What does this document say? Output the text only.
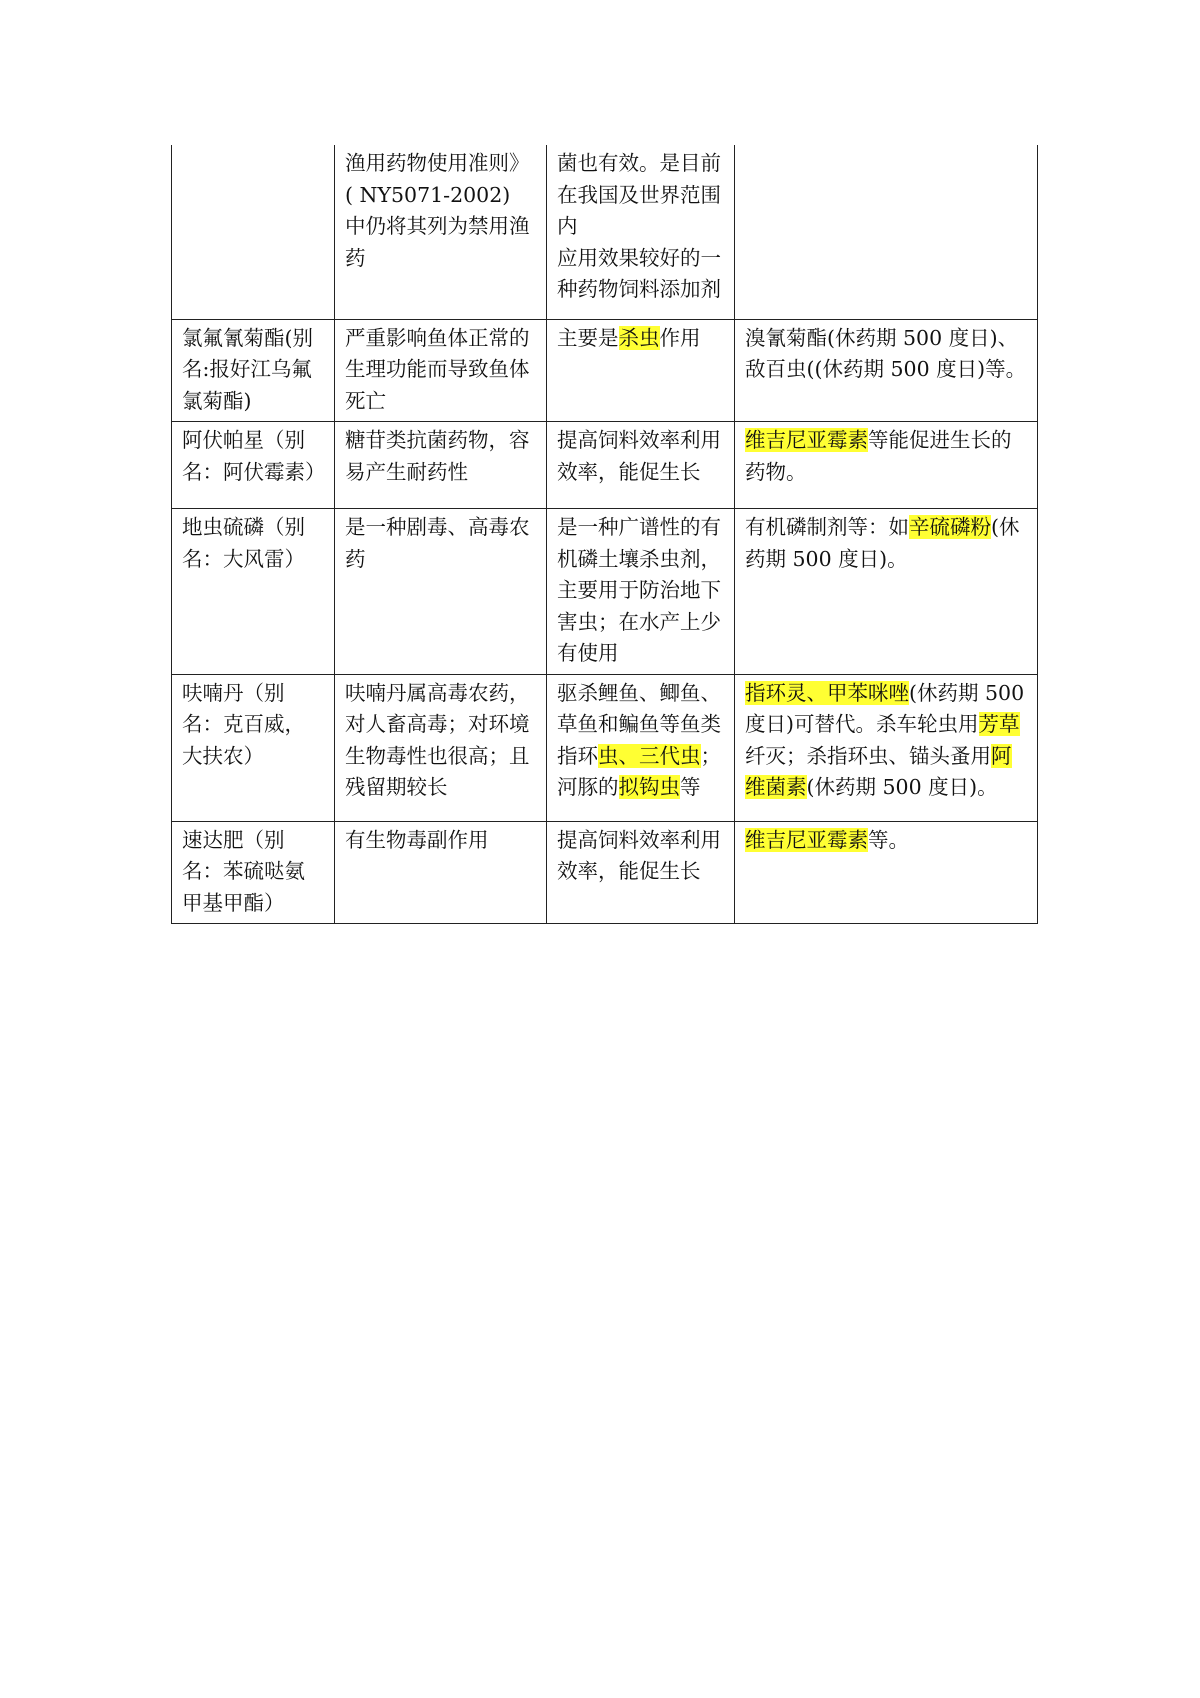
	渔用药物使用准则》( NY5071-2002) 中仍将其列为禁用渔药	菌也有效。是目前在我国及世界范围内
应用效果较好的一种药物饲料添加剂	

氯氟氰菊酯(别名:报好江乌氟氯菊酯)	严重影响鱼体正常的生理功能而导致鱼体死亡	主要是杀虫作用	溴氰菊酯(休药期 500 度日)、敌百虫((休药期 500 度日)等。
阿伏帕星（别名：阿伏霉素）	糖苷类抗菌药物，容易产生耐药性	提高饲料效率利用效率，能促生长	维吉尼亚霉素等能促进生长的药物。
地虫硫磷（别名：大风雷）	是一种剧毒、高毒农药	是一种广谱性的有机磷土壤杀虫剂，主要用于防治地下害虫；在水产上少有使用	有机磷制剂等：如辛硫磷粉(休药期 500 度日)。
呋喃丹（别名：克百威，大扶农）	呋喃丹属高毒农药，对人畜高毒；对环境生物毒性也很高；且残留期较长	驱杀鲤鱼、鲫鱼、草鱼和鳊鱼等鱼类指环虫、三代虫；河豚的拟钩虫等	指环灵、甲苯咪唑(休药期 500 度日)可替代。杀车轮虫用芳草纤灭；杀指环虫、锚头蚤用阿维菌素(休药期 500 度日)。
速达肥（别名：苯硫哒氨甲基甲酯）	有生物毒副作用	提高饲料效率利用效率，能促生长	维吉尼亚霉素等。
